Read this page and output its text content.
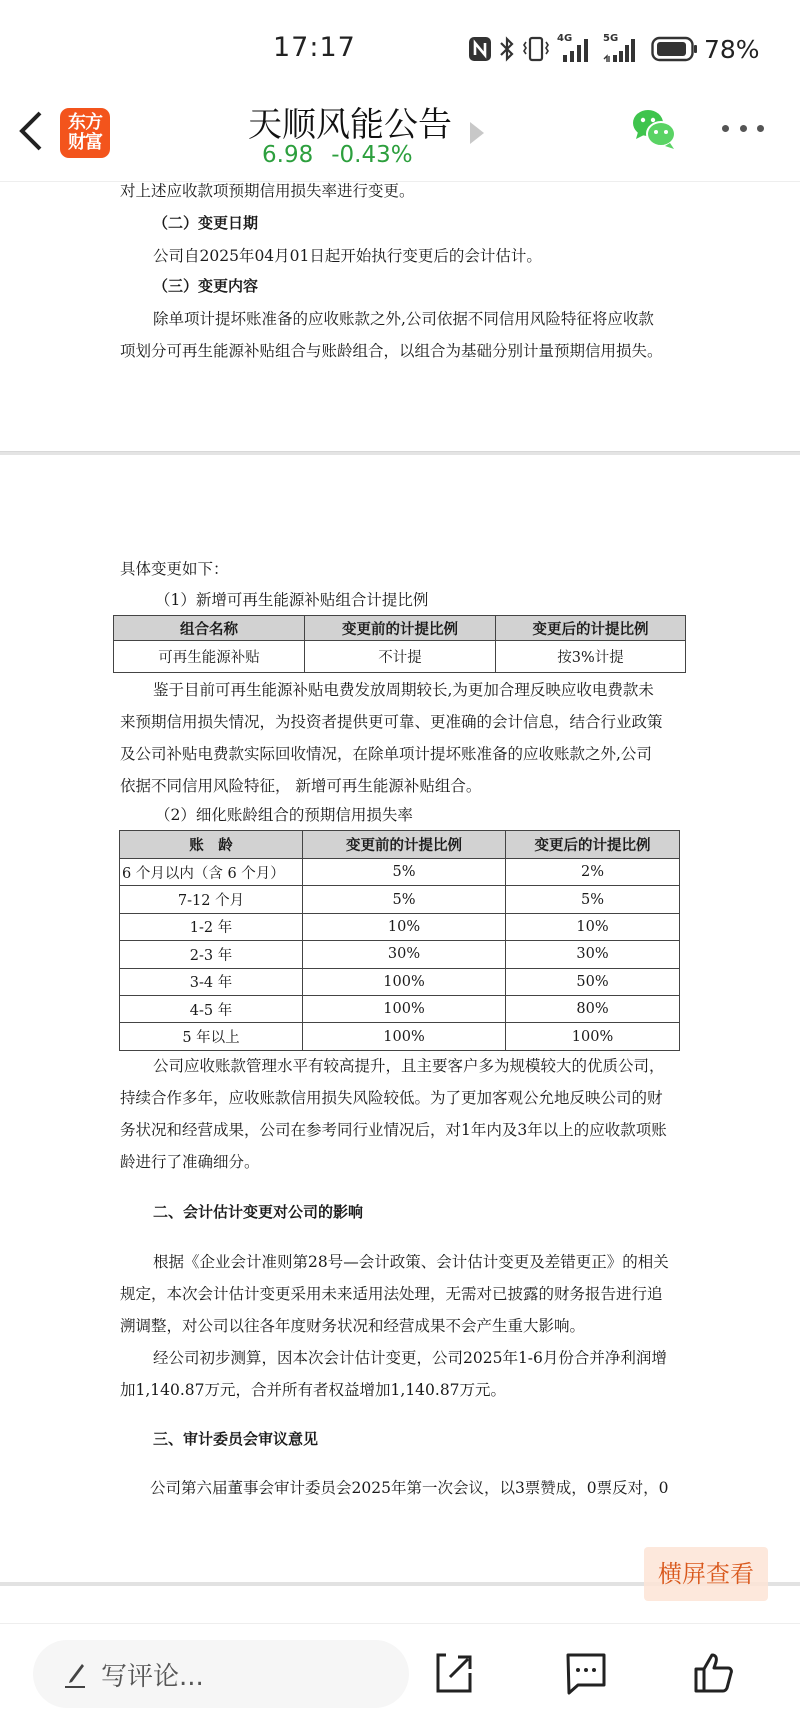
17:17	4G	5G	78%
东方
财富	天顺风能公告
6.98 -0.43%
对上述应收款项预期信用损失率进行变更。
（二）变更日期
公司自2025年04月01日起开始执行变更后的会计估计。
（三）变更内容
除单项计提坏账准备的应收账款之外,公司依据不同信用风险特征将应收款
项划分可再生能源补贴组合与账龄组合，以组合为基础分别计量预期信用损失。
具体变更如下：
（1）新增可再生能源补贴组合计提比例
组合名称	变更前的计提比例	变更后的计提比例
可再生能源补贴	不计提	按3%计提
鉴于目前可再生能源补贴电费发放周期较长,为更加合理反映应收电费款未
来预期信用损失情况，为投资者提供更可靠、更准确的会计信息，结合行业政策
及公司补贴电费款实际回收情况，在除单项计提坏账准备的应收账款之外,公司
依据不同信用风险特征， 新增可再生能源补贴组合。
（2）细化账龄组合的预期信用损失率
账　龄	变更前的计提比例	变更后的计提比例
6 个月以内（含 6 个月）	5%	2%
7-12 个月	5%	5%
1-2 年	10%	10%
2-3 年	30%	30%
3-4 年	100%	50%
4-5 年	100%	80%
5 年以上	100%	100%
公司应收账款管理水平有较高提升，且主要客户多为规模较大的优质公司，
持续合作多年，应收账款信用损失风险较低。为了更加客观公允地反映公司的财
务状况和经营成果，公司在参考同行业情况后，对1年内及3年以上的应收款项账
龄进行了准确细分。
二、会计估计变更对公司的影响
根据《企业会计准则第28号—会计政策、会计估计变更及差错更正》的相关
规定，本次会计估计变更采用未来适用法处理，无需对已披露的财务报告进行追
溯调整，对公司以往各年度财务状况和经营成果不会产生重大影响。
经公司初步测算，因本次会计估计变更，公司2025年1-6月份合并净利润增
加1,140.87万元，合并所有者权益增加1,140.87万元。
三、审计委员会审议意见
公司第六届董事会审计委员会2025年第一次会议，以3票赞成，0票反对，0
横屏查看
写评论...
